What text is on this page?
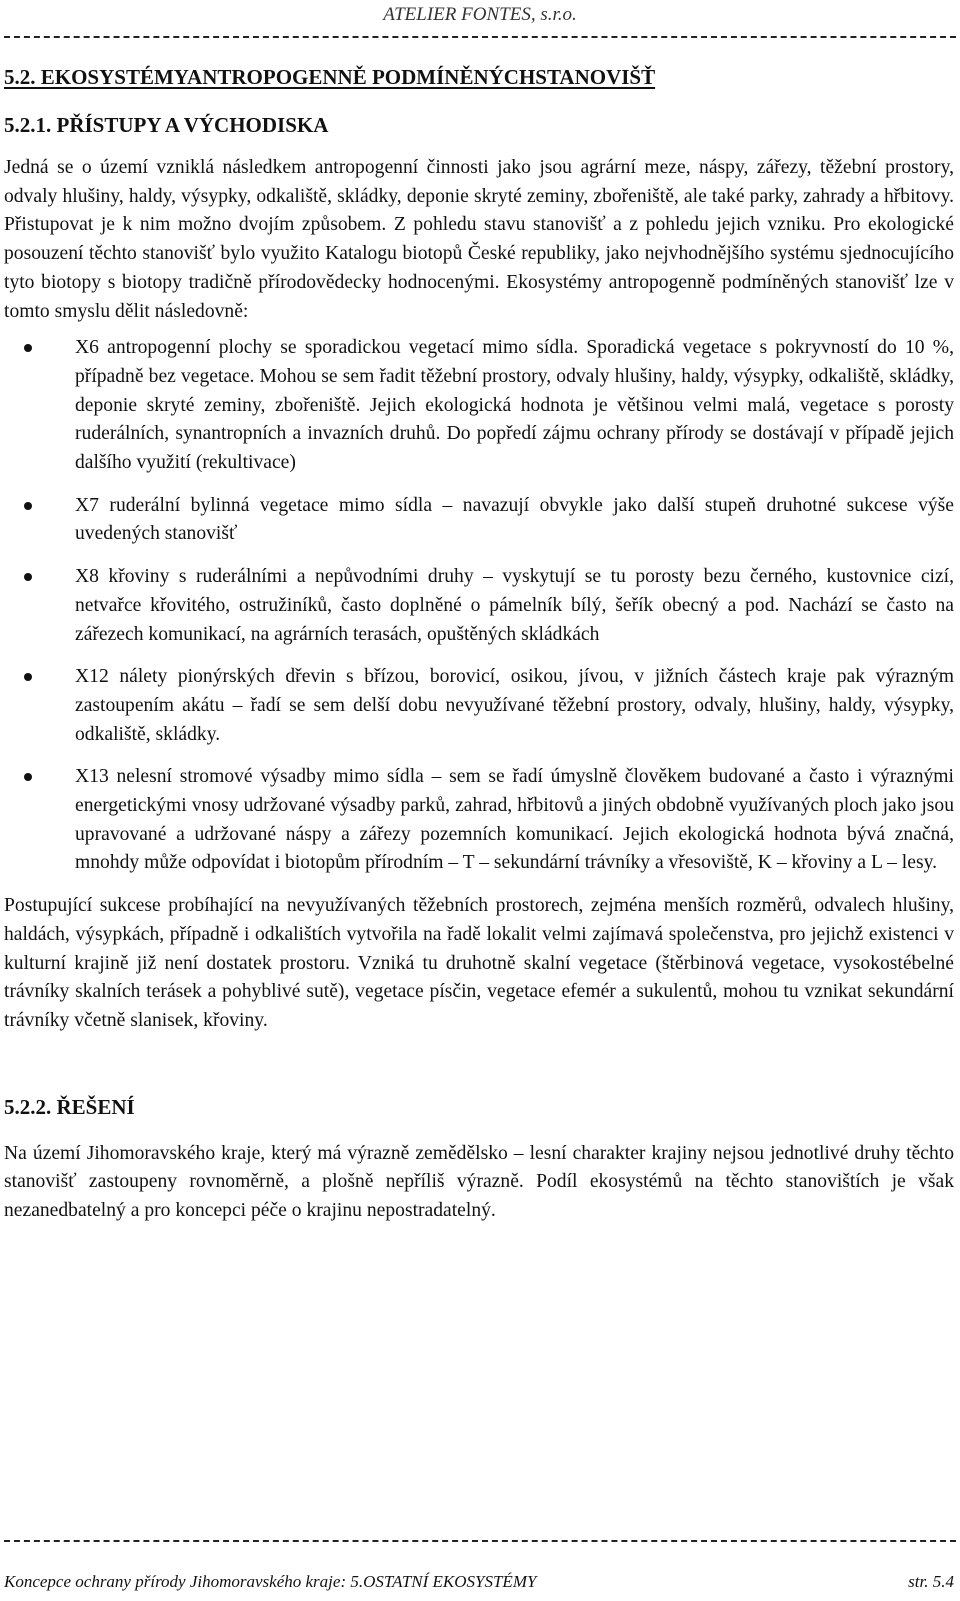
ATELIER FONTES, s.r.o.
5.2. EKOSYSTÉMYANTROPOGENNĚ PODMÍNĚNÝCHSTANOVIŠŤ
5.2.1. PŘÍSTUPY A VÝCHODISKA

Jedná se o území vzniklá následkem antropogenní činnosti jako jsou agrární meze, náspy, zářezy, těžební prostory, odvaly hlušiny, haldy, výsypky, odkaliště, skládky, deponie skryté zeminy, zbořeniště, ale také parky, zahrady a hřbitovy. Přistupovat je k nim možno dvojím způsobem. Z pohledu stavu stanovišť a z pohledu jejich vzniku. Pro ekologické posouzení těchto stanovišť bylo využito Katalogu biotopů České republiky, jako nejvhodnějšího systému sjednocujícího tyto biotopy s biotopy tradičně přírodovědecky hodnocenými. Ekosystémy antropogenně podmíněných stanovišť lze v tomto smyslu dělit následovně:

X6 antropogenní plochy se sporadickou vegetací mimo sídla. Sporadická vegetace s pokryvností do 10 %, případně bez vegetace. Mohou se sem řadit těžební prostory, odvaly hlušiny, haldy, výsypky, odkaliště, skládky, deponie skryté zeminy, zbořeniště. Jejich ekologická hodnota je většinou velmi malá, vegetace s porosty ruderálních, synantropních a invazních druhů. Do popředí zájmu ochrany přírody se dostávají v případě jejich dalšího využití (rekultivace)
X7 ruderální bylinná vegetace mimo sídla – navazují obvykle jako další stupeň druhotné sukcese výše uvedených stanovišť
X8 křoviny s ruderálními a nepůvodními druhy – vyskytují se tu porosty bezu černého, kustovnice cizí, netvařce křovitého, ostružiníků, často doplněné o pámelník bílý, šeřík obecný a pod. Nachází se často na zářezech komunikací, na agrárních terasách, opuštěných skládkách
X12 nálety pionýrských dřevin s břízou, borovicí, osikou, jívou, v jižních částech kraje pak výrazným zastoupením akátu – řadí se sem delší dobu nevyužívané těžební prostory, odvaly, hlušiny, haldy, výsypky, odkaliště, skládky.
X13 nelesní stromové výsadby mimo sídla – sem se řadí úmyslně člověkem budované a často i výraznými energetickými vnosy udržované výsadby parků, zahrad, hřbitovů a jiných obdobně využívaných ploch jako jsou upravované a udržované náspy a zářezy pozemních komunikací. Jejich ekologická hodnota bývá značná, mnohdy může odpovídat i biotopům přírodním – T – sekundární trávníky a vřesoviště, K – křoviny a L – lesy.

Postupující sukcese probíhající na nevyužívaných těžebních prostorech, zejména menších rozměrů, odvalech hlušiny, haldách, výsypkách, případně i odkalištích vytvořila na řadě lokalit velmi zajímavá společenstva, pro jejichž existenci v kulturní krajině již není dostatek prostoru. Vzniká tu druhotně skalní vegetace (štěrbinová vegetace, vysokostébelné trávníky skalních terásek a pohyblivé sutě), vegetace písčin, vegetace efemér a sukulentů, mohou tu vznikat sekundární trávníky včetně slanisek, křoviny.

5.2.2. ŘEŠENÍ

Na území Jihomoravského kraje, který má výrazně zemědělsko – lesní charakter krajiny nejsou jednotlivé druhy těchto stanovišť zastoupeny rovnoměrně, a plošně nepříliš výrazně. Podíl ekosystémů na těchto stanovištích je však nezanedbatelný a pro koncepci péče o krajinu nepostradatelný.

Koncepce ochrany přírody Jihomoravského kraje: 5.OSTATNÍ EKOSYSTÉMY	str. 5.4
